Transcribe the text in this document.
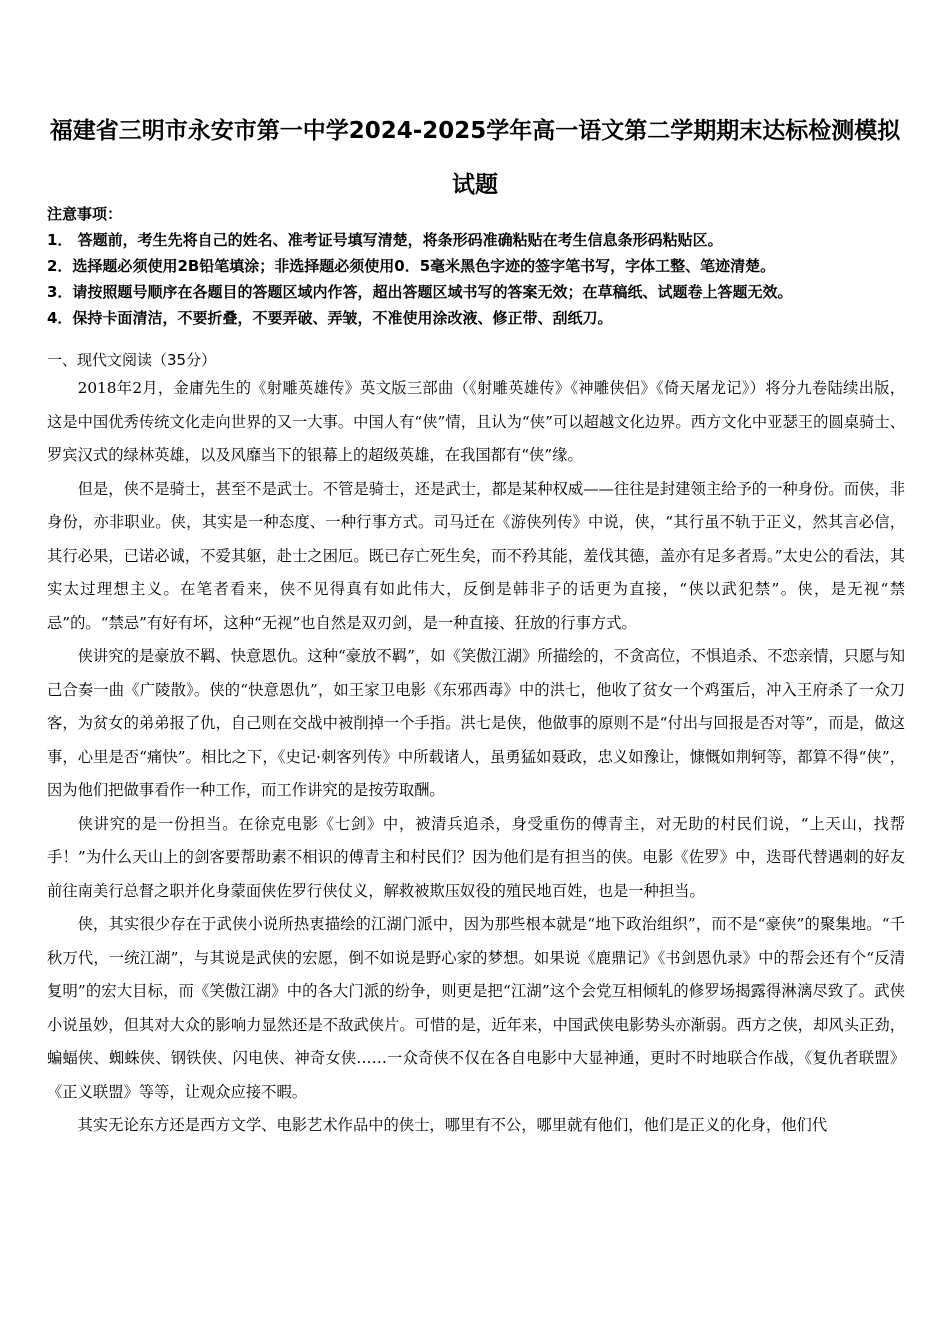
福建省三明市永安市第一中学2024-2025学年高一语文第二学期期末达标检测模拟试题
注意事项：
1． 答题前，考生先将自己的姓名、准考证号填写清楚，将条形码准确粘贴在考生信息条形码粘贴区。
2．选择题必须使用2B铅笔填涂；非选择题必须使用0．5毫米黑色字迹的签字笔书写，字体工整、笔迹清楚。
3．请按照题号顺序在各题目的答题区域内作答，超出答题区域书写的答案无效；在草稿纸、试题卷上答题无效。
4．保持卡面清洁，不要折叠，不要弄破、弄皱，不准使用涂改液、修正带、刮纸刀。
一、现代文阅读（35分）

2018年2月，金庸先生的《射雕英雄传》英文版三部曲（《射雕英雄传》《神雕侠侣》《倚天屠龙记》）将分九卷陆续出版，这是中国优秀传统文化走向世界的又一大事。中国人有“侠”情，且认为“侠”可以超越文化边界。西方文化中亚瑟王的圆桌骑士、罗宾汉式的绿林英雄，以及风靡当下的银幕上的超级英雄，在我国都有“侠”缘。

但是，侠不是骑士，甚至不是武士。不管是骑士，还是武士，都是某种权威——往往是封建领主给予的一种身份。而侠，非身份，亦非职业。侠，其实是一种态度、一种行事方式。司马迁在《游侠列传》中说，侠，“其行虽不轨于正义，然其言必信，其行必果，已诺必诚，不爱其躯，赴士之困厄。既已存亡死生矣，而不矜其能，羞伐其德，盖亦有足多者焉。”太史公的看法，其实太过理想主义。在笔者看来，侠不见得真有如此伟大，反倒是韩非子的话更为直接，“侠以武犯禁”。侠，是无视“禁忌”的。“禁忌”有好有坏，这种“无视”也自然是双刃剑，是一种直接、狂放的行事方式。

侠讲究的是豪放不羁、快意恩仇。这种“豪放不羁”，如《笑傲江湖》所描绘的，不贪高位，不惧追杀、不恋亲情，只愿与知己合奏一曲《广陵散》。侠的“快意恩仇”，如王家卫电影《东邪西毒》中的洪七，他收了贫女一个鸡蛋后，冲入王府杀了一众刀客，为贫女的弟弟报了仇，自己则在交战中被削掉一个手指。洪七是侠，他做事的原则不是“付出与回报是否对等”，而是，做这事，心里是否“痛快”。相比之下，《史记·刺客列传》中所载诸人，虽勇猛如聂政，忠义如豫让，慷慨如荆轲等，都算不得“侠”，因为他们把做事看作一种工作，而工作讲究的是按劳取酬。

侠讲究的是一份担当。在徐克电影《七剑》中，被清兵追杀，身受重伤的傅青主，对无助的村民们说，“上天山，找帮手！”为什么天山上的剑客要帮助素不相识的傅青主和村民们？因为他们是有担当的侠。电影《佐罗》中，迭哥代替遇刺的好友前往南美行总督之职并化身蒙面侠佐罗行侠仗义，解救被欺压奴役的殖民地百姓，也是一种担当。

侠，其实很少存在于武侠小说所热衷描绘的江湖门派中，因为那些根本就是“地下政治组织”，而不是“豪侠”的聚集地。“千秋万代，一统江湖”，与其说是武侠的宏愿，倒不如说是野心家的梦想。如果说《鹿鼎记》《书剑恩仇录》中的帮会还有个“反清复明”的宏大目标，而《笑傲江湖》中的各大门派的纷争，则更是把“江湖”这个会党互相倾轧的修罗场揭露得淋漓尽致了。武侠小说虽妙，但其对大众的影响力显然还是不敌武侠片。可惜的是，近年来，中国武侠电影势头亦渐弱。西方之侠，却风头正劲，蝙蝠侠、蜘蛛侠、钢铁侠、闪电侠、神奇女侠……一众奇侠不仅在各自电影中大显神通，更时不时地联合作战，《复仇者联盟》《正义联盟》等等，让观众应接不暇。

其实无论东方还是西方文学、电影艺术作品中的侠士，哪里有不公，哪里就有他们，他们是正义的化身，他们代
